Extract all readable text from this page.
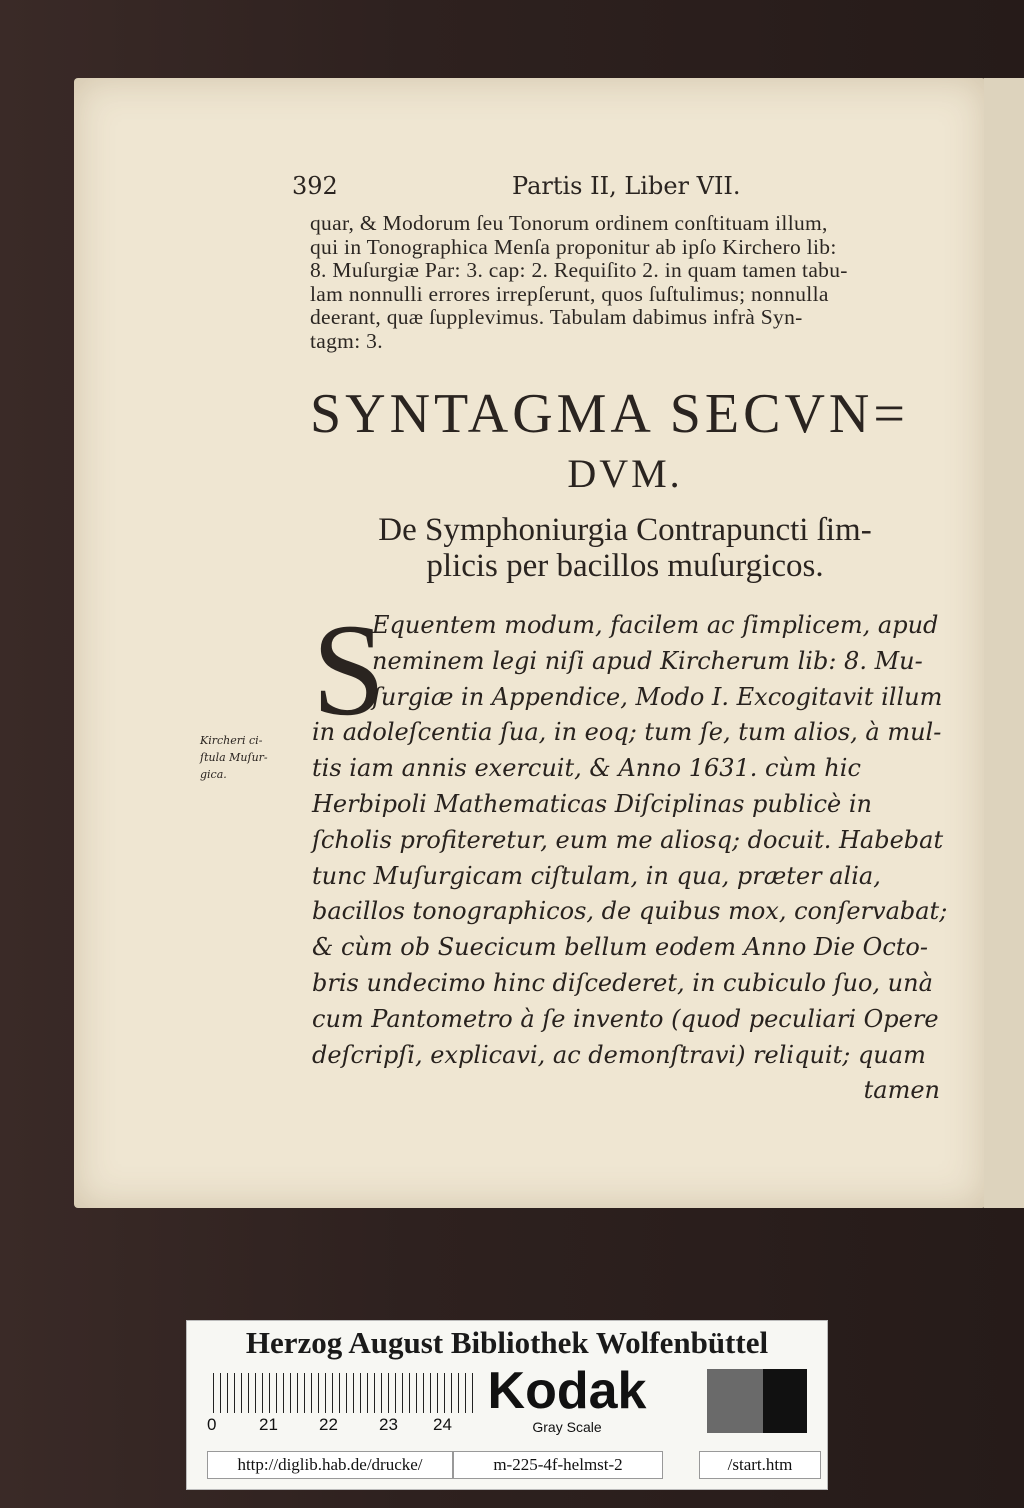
392	Partis II, Liber VII.
quar, & Modorum ſeu Tonorum ordinem conſtituam illum,
qui in Tonographica Menſa proponitur ab ipſo Kirchero lib:
8. Muſurgiæ Par: 3. cap: 2. Requiſito 2. in quam tamen tabu-
lam nonnulli errores irrepſerunt, quos ſuſtulimus; nonnulla
deerant, quæ ſupplevimus. Tabulam dabimus infrà Syn-
tagm: 3.
SYNTAGMA SECVN=
DVM.
De Symphoniurgia Contrapuncti ſim-
plicis per bacillos muſurgicos.
S
Equentem modum, facilem ac ſimplicem, apud
neminem legi niſi apud Kircherum lib: 8. Mu-
ſurgiæ in Appendice, Modo I. Excogitavit illum
in adoleſcentia ſua, in eoq; tum ſe, tum alios, à mul-
tis iam annis exercuit, & Anno 1631. cùm hic
Herbipoli Mathematicas Diſciplinas publicè in
ſcholis profiteretur, eum me aliosq; docuit. Habebat
tunc Muſurgicam ciſtulam, in qua, præter alia,
bacillos tonographicos, de quibus mox, conſervabat;
& cùm ob Suecicum bellum eodem Anno Die Octo-
bris undecimo hinc diſcederet, in cubiculo ſuo, unà
cum Pantometro à ſe invento (quod peculiari Opere
deſcripſi, explicavi, ac demonſtravi) reliquit; quam
tamen
Kircheri ci-
ſtula Muſur-
gica.
Herzog August Bibliothek Wolfenbüttel
0	21 22 23 24
Kodak
Gray Scale
http://diglib.hab.de/drucke/	m-225-4f-helmst-2	/start.htm
